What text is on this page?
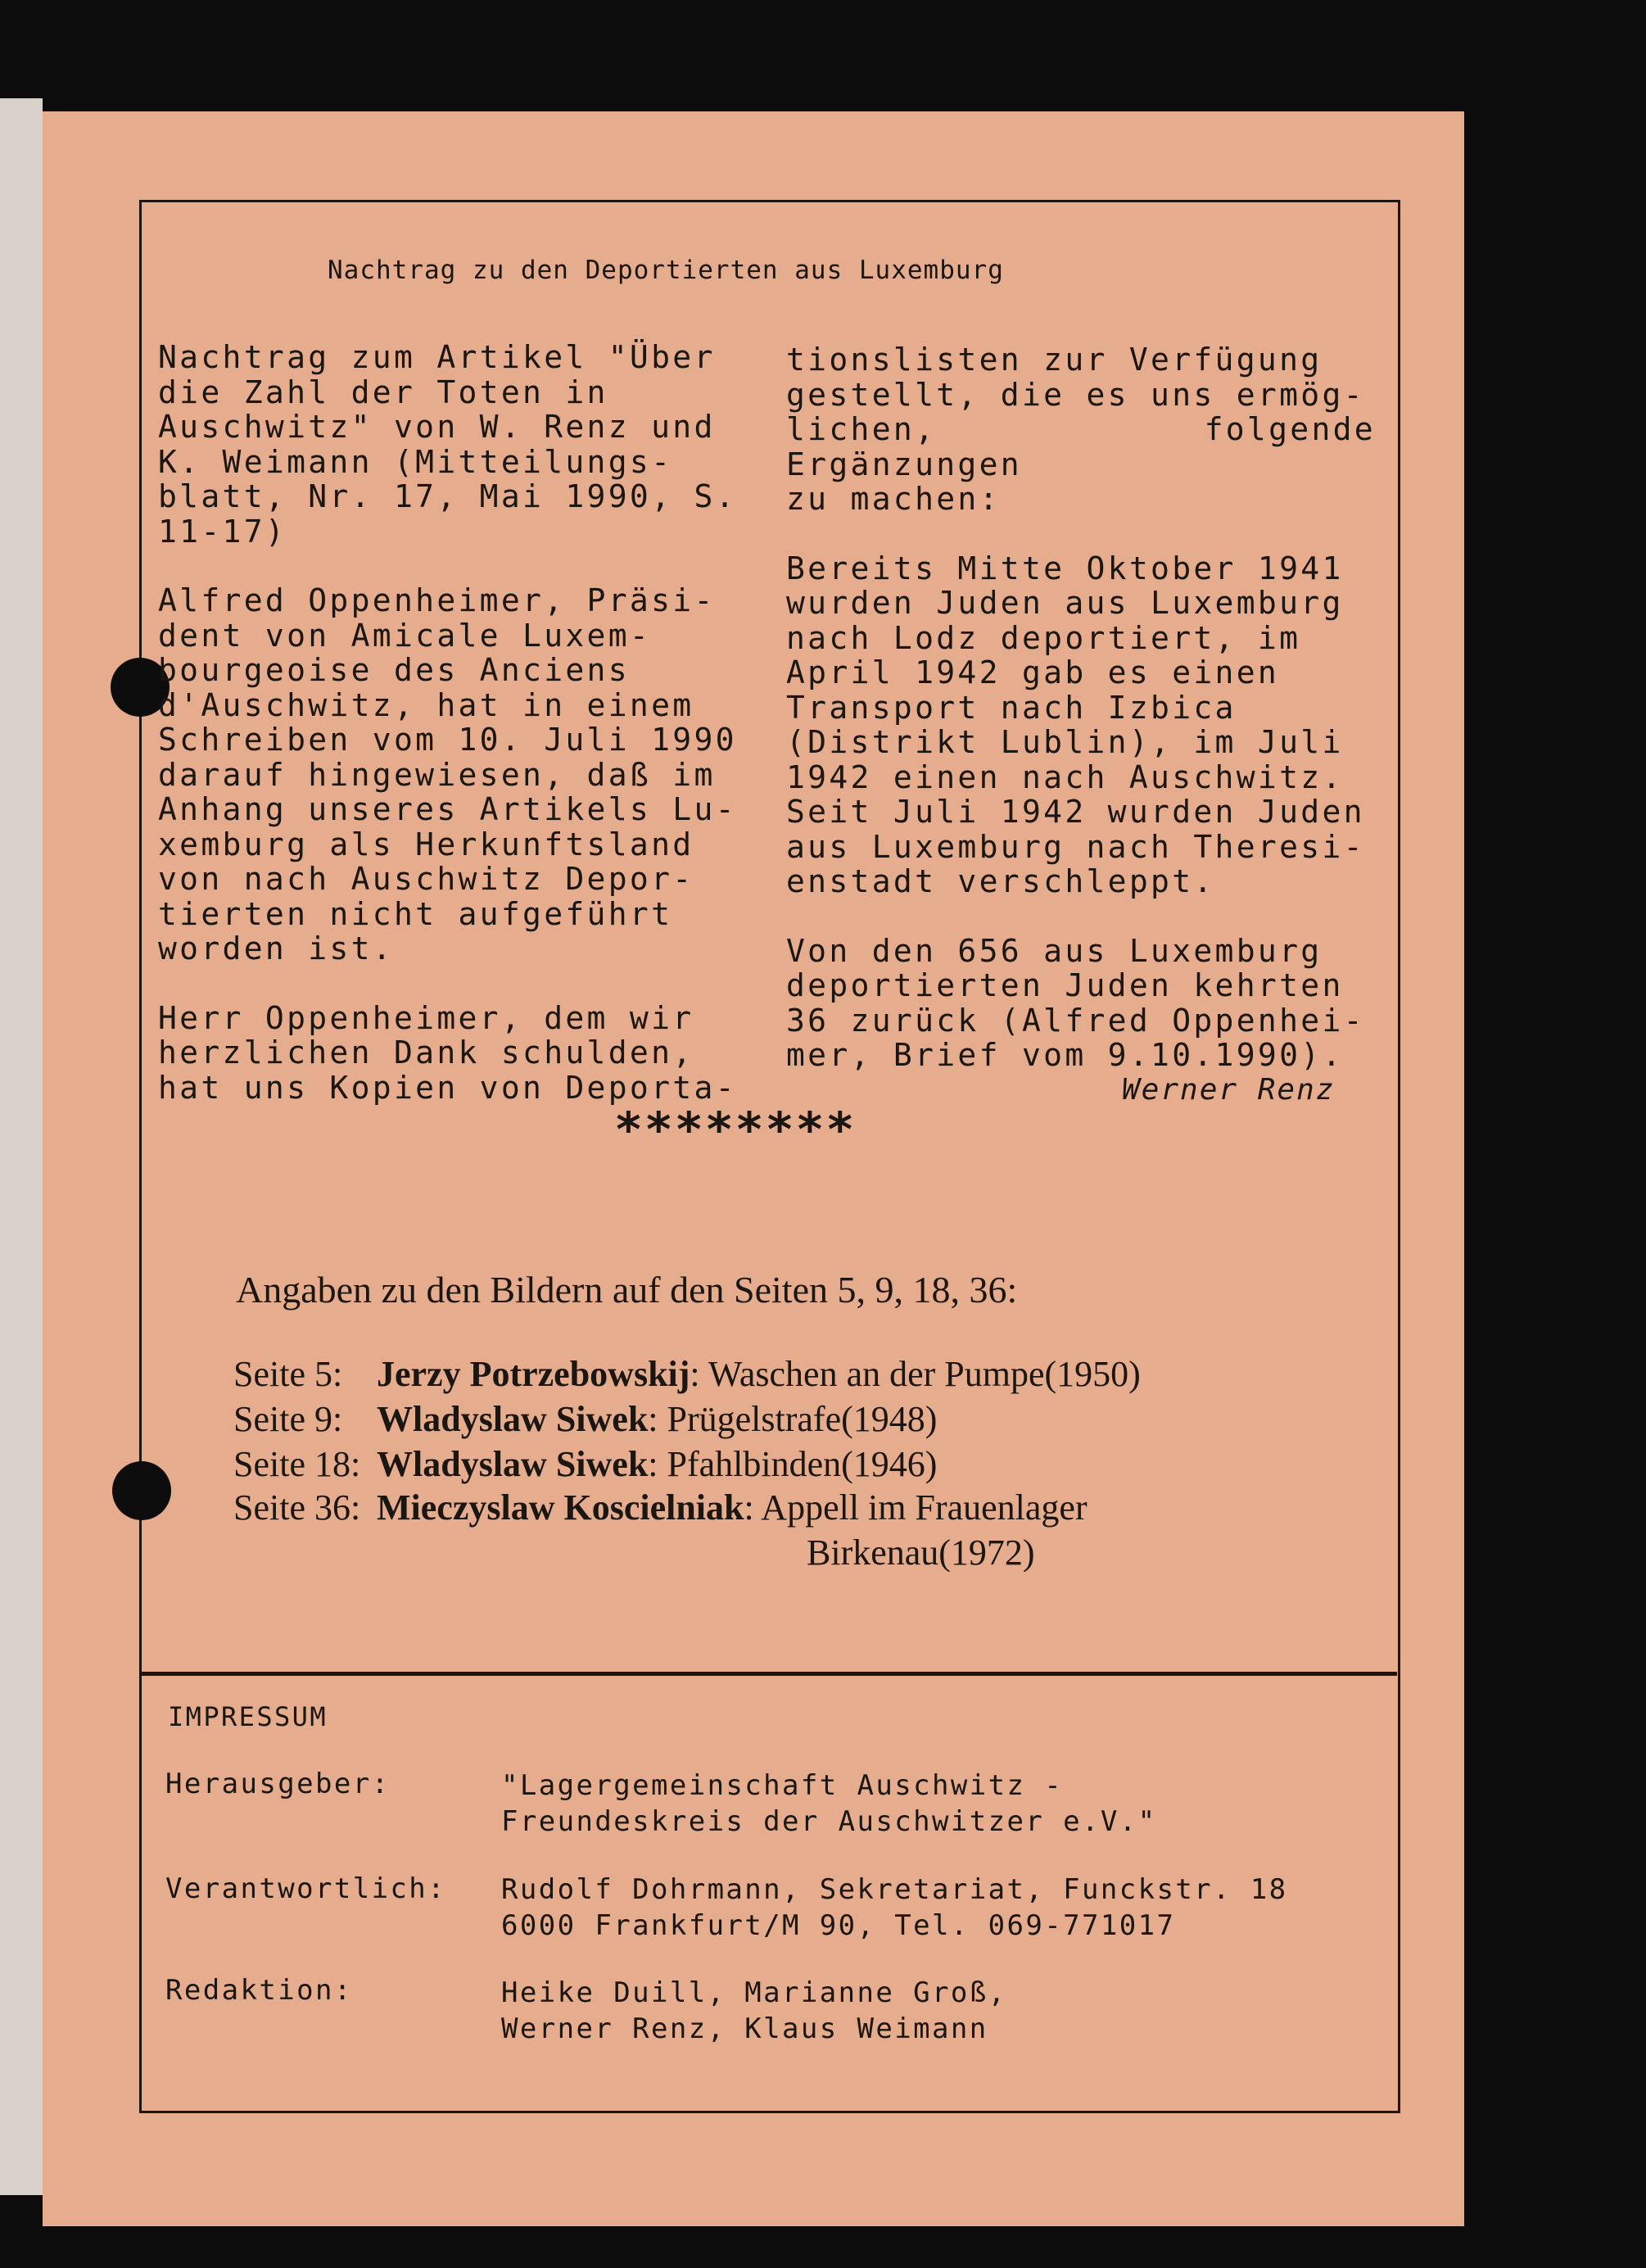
Nachtrag zu den Deportierten aus Luxemburg

Nachtrag zum Artikel "Über
die Zahl der Toten in
Auschwitz" von W. Renz und
K. Weimann (Mitteilungs-
blatt, Nr. 17, Mai 1990, S.
11-17)

Alfred Oppenheimer, Präsi-
dent von Amicale Luxem-
bourgeoise des Anciens
d'Auschwitz, hat in einem
Schreiben vom 10. Juli 1990
darauf hingewiesen, daß im
Anhang unseres Artikels Lu-
xemburg als Herkunftsland
von nach Auschwitz Depor-
tierten nicht aufgeführt
worden ist.

Herr Oppenheimer, dem wir
herzlichen Dank schulden,
hat uns Kopien von Deporta-

tionslisten zur Verfügung
gestellt, die es uns ermög-
lichen, folgende Ergänzungen
zu machen:

Bereits Mitte Oktober 1941
wurden Juden aus Luxemburg
nach Lodz deportiert, im
April 1942 gab es einen
Transport nach Izbica
(Distrikt Lublin), im Juli
1942 einen nach Auschwitz.
Seit Juli 1942 wurden Juden
aus Luxemburg nach Theresi-
enstadt verschleppt.

Von den 656 aus Luxemburg
deportierten Juden kehrten
36 zurück (Alfred Oppenhei-
mer, Brief vom 9.10.1990).

Werner Renz
********
Angaben zu den Bildern auf den Seiten 5, 9, 18, 36:
Seite 5: Jerzy Potrzebowskij: Waschen an der Pumpe(1950)
Seite 9: Wladyslaw Siwek: Prügelstrafe(1948)
Seite 18: Wladyslaw Siwek: Pfahlbinden(1946)
Seite 36: Mieczyslaw Koscielniak: Appell im Frauenlager
Birkenau(1972)
IMPRESSUM
Herausgeber:	"Lagergemeinschaft Auschwitz -
Freundeskreis der Auschwitzer e.V."
Verantwortlich: Rudolf Dohrmann, Sekretariat, Funckstr. 18
6000 Frankfurt/M 90, Tel. 069-771017
Redaktion:	Heike Duill, Marianne Groß,
Werner Renz, Klaus Weimann
